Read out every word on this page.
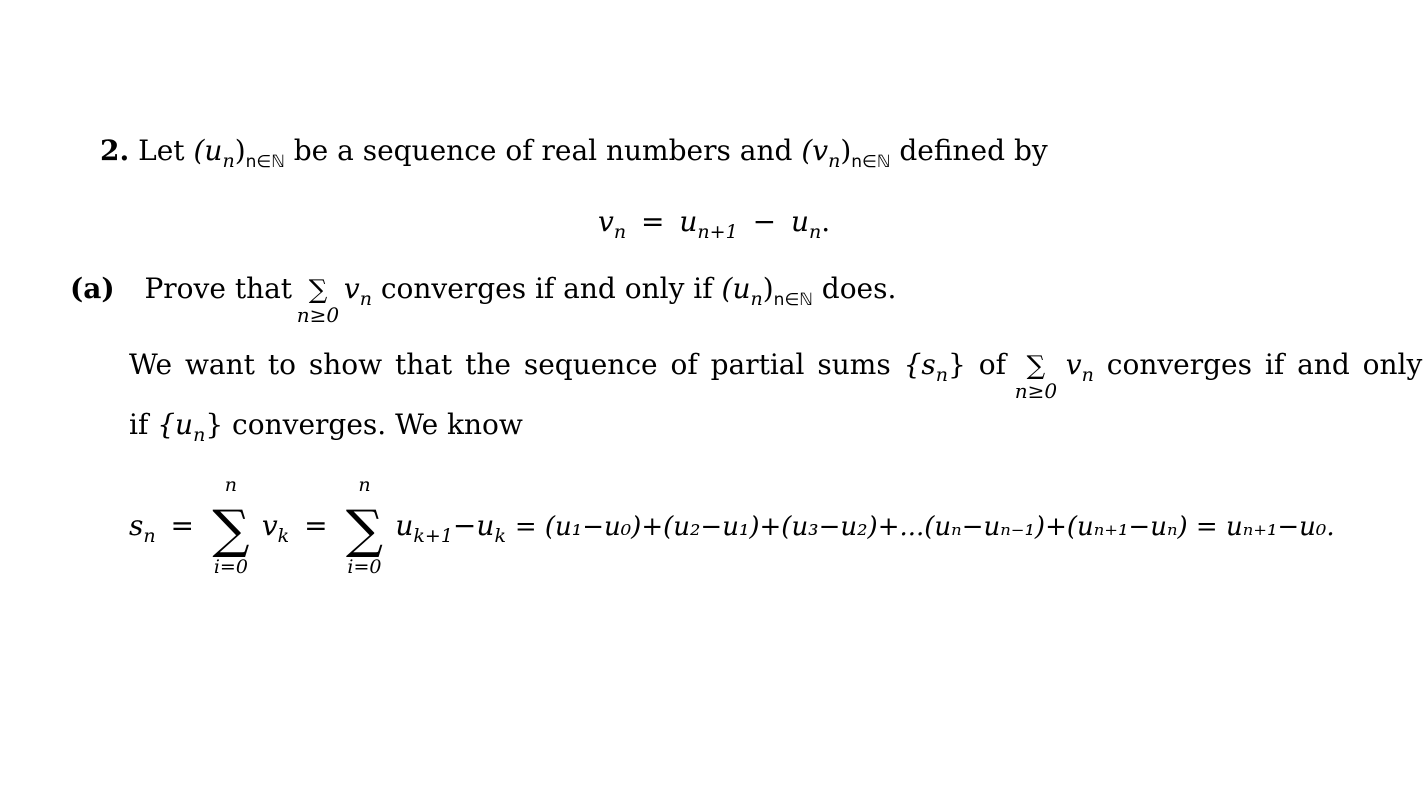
2. Let $(u_n)_{n\in ℕ}$ be a sequence of real numbers and $(v_n)_{n\in ℕ}$ defined by
$v_n = u_{n+1} - u_n$.
(a) Prove that ∑
n≥0
$v_n$ converges if and only if $(u_n)_{n\in ℕ}$ does.
We want to show that the sequence of partial sums $\{s_n\}$ of ∑
n≥0
$v_n$ converges if and only
if $\{u_n\}$ converges. We know
$s_n$ =
n
∑
i=0
$v_k$ =
n
∑
i=0
$u_{k+1}-u_k = (u_1-u_0)+(u_2-u_1)+(u_3-u_2)+...(u_n-u_{n-1})+(u_{n+1}-u_n) = u_{n+1}-u_0$.
